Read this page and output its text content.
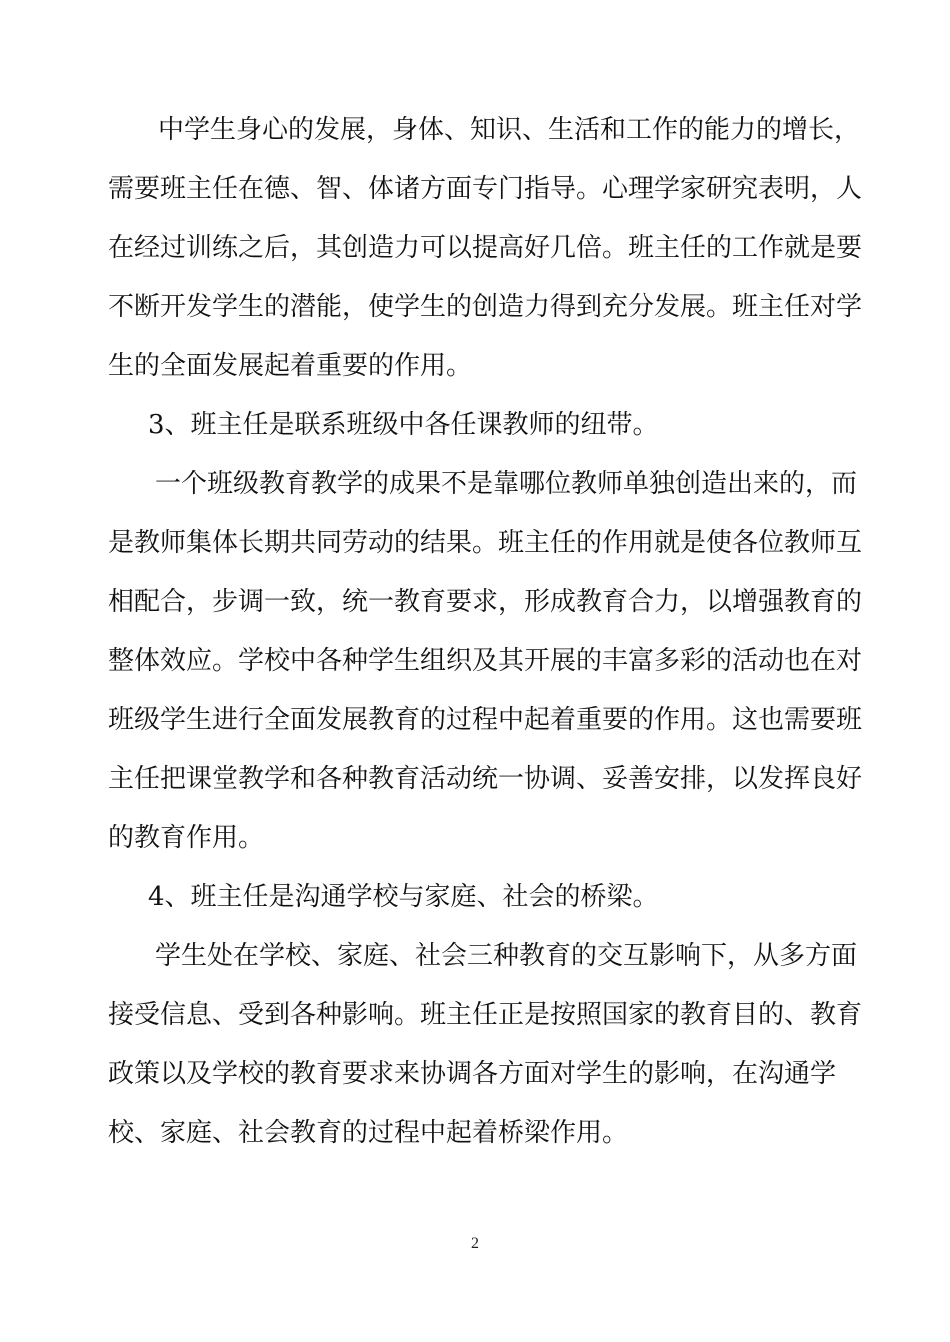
中学生身心的发展，身体、知识、生活和工作的能力的增长，
需要班主任在德、智、体诸方面专门指导。心理学家研究表明，人
在经过训练之后，其创造力可以提高好几倍。班主任的工作就是要
不断开发学生的潜能，使学生的创造力得到充分发展。班主任对学
生的全面发展起着重要的作用。
3、班主任是联系班级中各任课教师的纽带。
一个班级教育教学的成果不是靠哪位教师单独创造出来的，而
是教师集体长期共同劳动的结果。班主任的作用就是使各位教师互
相配合，步调一致，统一教育要求，形成教育合力，以增强教育的
整体效应。学校中各种学生组织及其开展的丰富多彩的活动也在对
班级学生进行全面发展教育的过程中起着重要的作用。这也需要班
主任把课堂教学和各种教育活动统一协调、妥善安排，以发挥良好
的教育作用。
4、班主任是沟通学校与家庭、社会的桥梁。
学生处在学校、家庭、社会三种教育的交互影响下，从多方面
接受信息、受到各种影响。班主任正是按照国家的教育目的、教育
政策以及学校的教育要求来协调各方面对学生的影响，在沟通学
校、家庭、社会教育的过程中起着桥梁作用。
2
